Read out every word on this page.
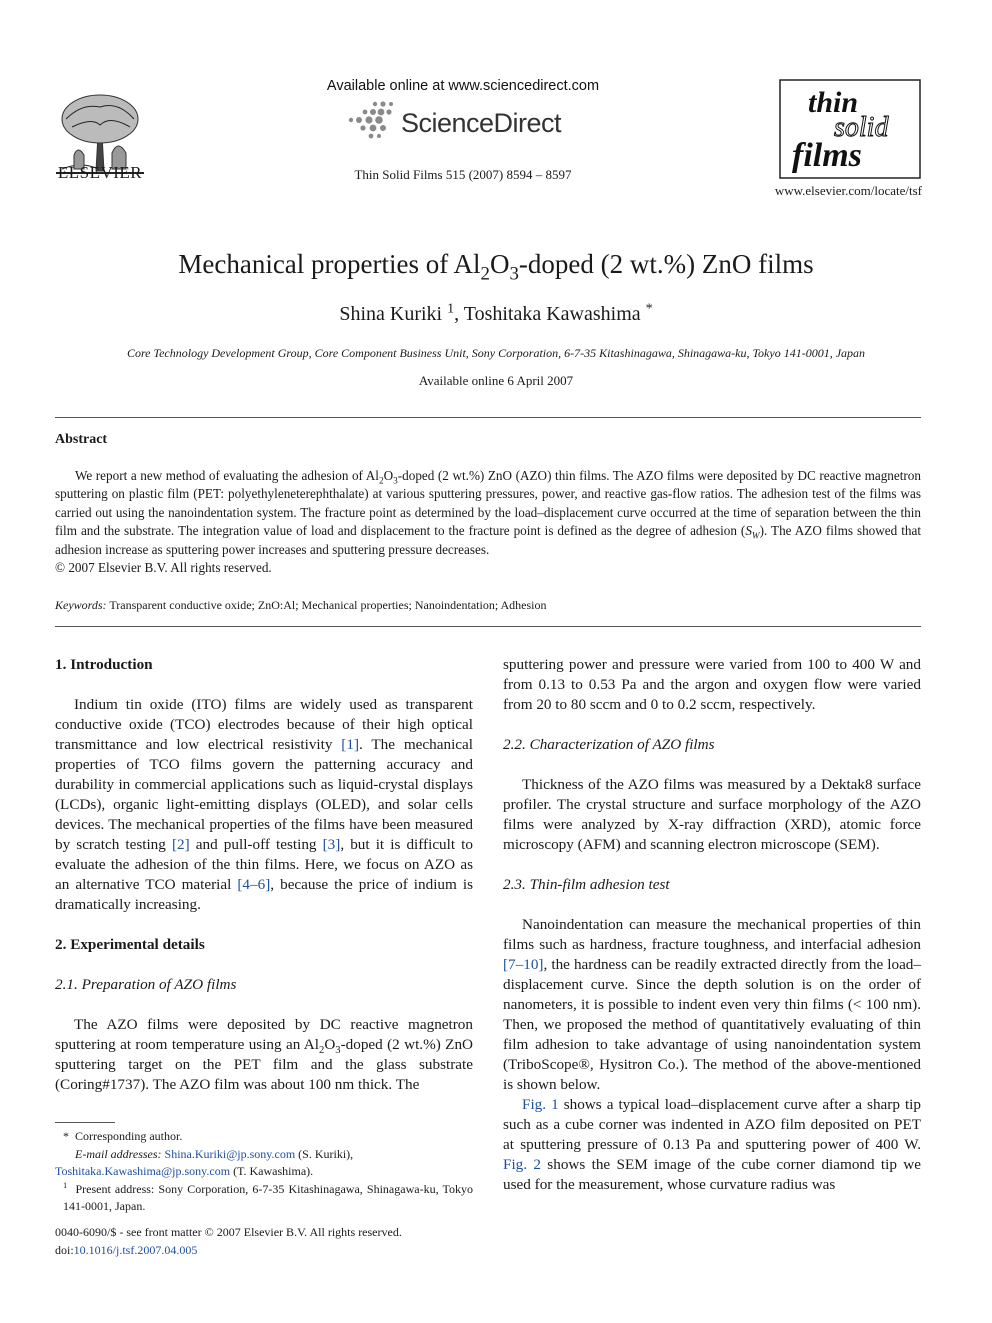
ELSEVIER
Available online at www.sciencedirect.com
ScienceDirect
Thin Solid Films 515 (2007) 8594 – 8597
thin
solid
films
www.elsevier.com/locate/tsf
Mechanical properties of $Al_2O_3$-doped (2 wt.%) ZnO films
Shina Kuriki $^1$, Toshitaka Kawashima *
Core Technology Development Group, Core Component Business Unit, Sony Corporation, 6-7-35 Kitashinagawa, Shinagawa-ku, Tokyo 141-0001, Japan
Available online 6 April 2007
Abstract
We report a new method of evaluating the adhesion of $Al_2O_3$-doped (2 wt.%) ZnO (AZO) thin films. The AZO films were deposited by DC reactive magnetron sputtering on plastic film (PET: polyethyleneterephthalate) at various sputtering pressures, power, and reactive gas-flow ratios. The adhesion test of the films was carried out using the nanoindentation system. The fracture point as determined by the load–displacement curve occurred at the time of separation between the thin film and the substrate. The integration value of load and displacement to the fracture point is defined as the degree of adhesion $(S_W)$. The AZO films showed that adhesion increase as sputtering power increases and sputtering pressure decreases.
© 2007 Elsevier B.V. All rights reserved.
Keywords: Transparent conductive oxide; ZnO:Al; Mechanical properties; Nanoindentation; Adhesion

1. Introduction

Indium tin oxide (ITO) films are widely used as transparent conductive oxide (TCO) electrodes because of their high optical transmittance and low electrical resistivity [1]. The mechanical properties of TCO films govern the patterning accuracy and durability in commercial applications such as liquid-crystal displays (LCDs), organic light-emitting displays (OLED), and solar cells devices. The mechanical properties of the films have been measured by scratch testing [2] and pull-off testing [3], but it is difficult to evaluate the adhesion of the thin films. Here, we focus on AZO as an alternative TCO material [4–6], because the price of indium is dramatically increasing.

2. Experimental details

2.1. Preparation of AZO films

The AZO films were deposited by DC reactive magnetron sputtering at room temperature using an $Al_2O_3$-doped (2 wt.%) ZnO sputtering target on the PET film and the glass substrate (Coring#1737). The AZO film was about 100 nm thick. The

sputtering power and pressure were varied from 100 to 400 W and from 0.13 to 0.53 Pa and the argon and oxygen flow were varied from 20 to 80 sccm and 0 to 0.2 sccm, respectively.

2.2. Characterization of AZO films

Thickness of the AZO films was measured by a Dektak8 surface profiler. The crystal structure and surface morphology of the AZO films were analyzed by X-ray diffraction (XRD), atomic force microscopy (AFM) and scanning electron microscope (SEM).

2.3. Thin-film adhesion test

Nanoindentation can measure the mechanical properties of thin films such as hardness, fracture toughness, and interfacial adhesion [7–10], the hardness can be readily extracted directly from the load–displacement curve. Since the depth solution is on the order of nanometers, it is possible to indent even very thin films (< 100 nm). Then, we proposed the method of quantitatively evaluating of thin film adhesion to take advantage of using nanoindentation system (TriboScope®, Hysitron Co.). The method of the above-mentioned is shown below.

Fig. 1 shows a typical load–displacement curve after a sharp tip such as a cube corner was indented in AZO film deposited on PET at sputtering pressure of 0.13 Pa and sputtering power of 400 W. Fig. 2 shows the SEM image of the cube corner diamond tip we used for the measurement, whose curvature radius was

* Corresponding author.

E-mail addresses: Shina.Kuriki@jp.sony.com (S. Kuriki),

Toshitaka.Kawashima@jp.sony.com (T. Kawashima).

$^1$ Present address: Sony Corporation, 6-7-35 Kitashinagawa, Shinagawa-ku, Tokyo 141-0001, Japan.

0040-6090/$ - see front matter © 2007 Elsevier B.V. All rights reserved.

doi:10.1016/j.tsf.2007.04.005
